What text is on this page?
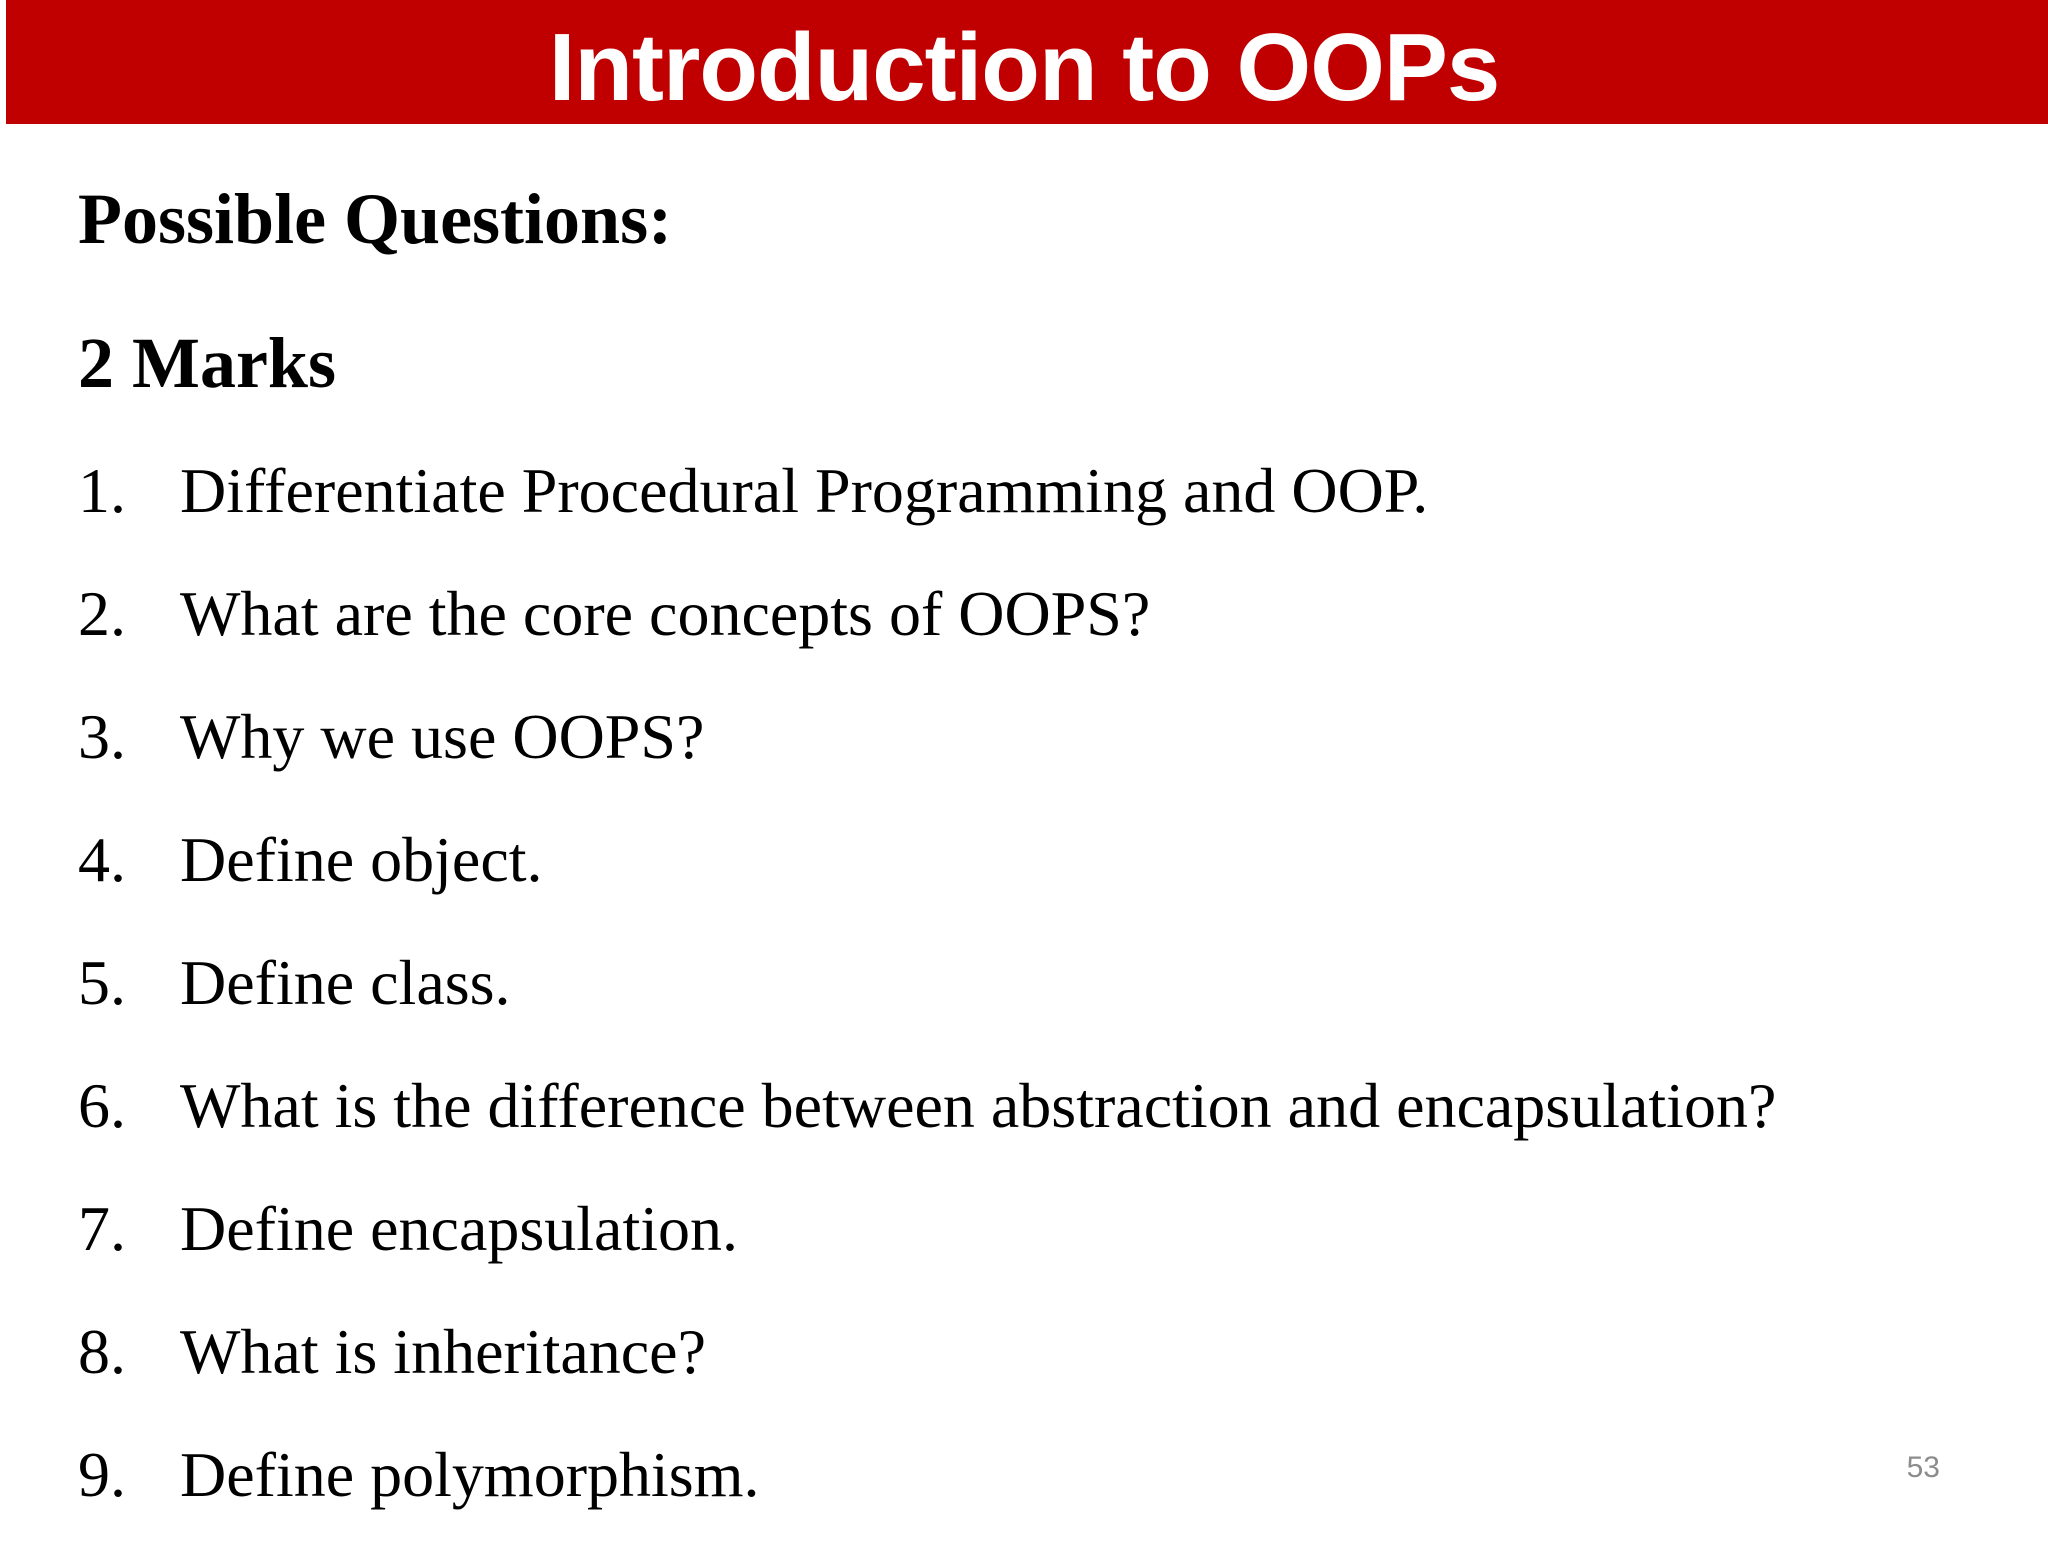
Introduction to OOPs
Possible Questions:
2 Marks
1. Differentiate Procedural Programming and OOP.
2. What are the core concepts of OOPS?
3. Why we use OOPS?
4. Define object.
5. Define class.
6. What is the difference between abstraction and encapsulation?
7. Define encapsulation.
8. What is inheritance?
9. Define polymorphism.	53
